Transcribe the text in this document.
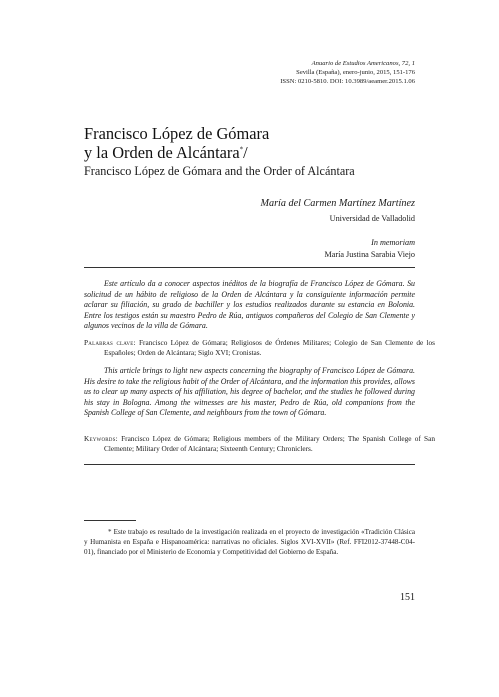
Anuario de Estudios Americanos, 72, 1
Sevilla (España), enero-junio, 2015, 151-176
ISSN: 0210-5810. DOI: 10.3989/aeamer.2015.1.06
Francisco López de Gómara
y la Orden de Alcántara*/
Francisco López de Gómara and the Order of Alcántara
María del Carmen Martínez Martínez
Universidad de Valladolid
In memoriam
María Justina Sarabia Viejo
Este artículo da a conocer aspectos inéditos de la biografía de Francisco López de Gómara. Su solicitud de un hábito de religioso de la Orden de Alcántara y la consiguiente información permite aclarar su filiación, su grado de bachiller y los estudios realizados durante su estancia en Bolonia. Entre los testigos están su maestro Pedro de Rúa, antiguos compañeros del Colegio de San Clemente y algunos vecinos de la villa de Gómara.
Palabras clave: Francisco López de Gómara; Religiosos de Órdenes Militares; Colegio de San Clemente de los Españoles; Orden de Alcántara; Siglo XVI; Cronistas.
This article brings to light new aspects concerning the biography of Francisco López de Gómara. His desire to take the religious habit of the Order of Alcántara, and the information this provides, allows us to clear up many aspects of his affiliation, his degree of bachelor, and the studies he followed during his stay in Bologna. Among the witnesses are his master, Pedro de Rúa, old companions from the Spanish College of San Clemente, and neighbours from the town of Gómara.
Keywords: Francisco López de Gómara; Religious members of the Military Orders; The Spanish College of San Clemente; Military Order of Alcántara; Sixteenth Century; Chroniclers.
* Este trabajo es resultado de la investigación realizada en el proyecto de investigación «Tradición Clásica y Humanista en España e Hispanoamérica: narrativas no oficiales. Siglos XVI-XVII» (Ref. FFI2012-37448-C04-01), financiado por el Ministerio de Economía y Competitividad del Gobierno de España.
151
